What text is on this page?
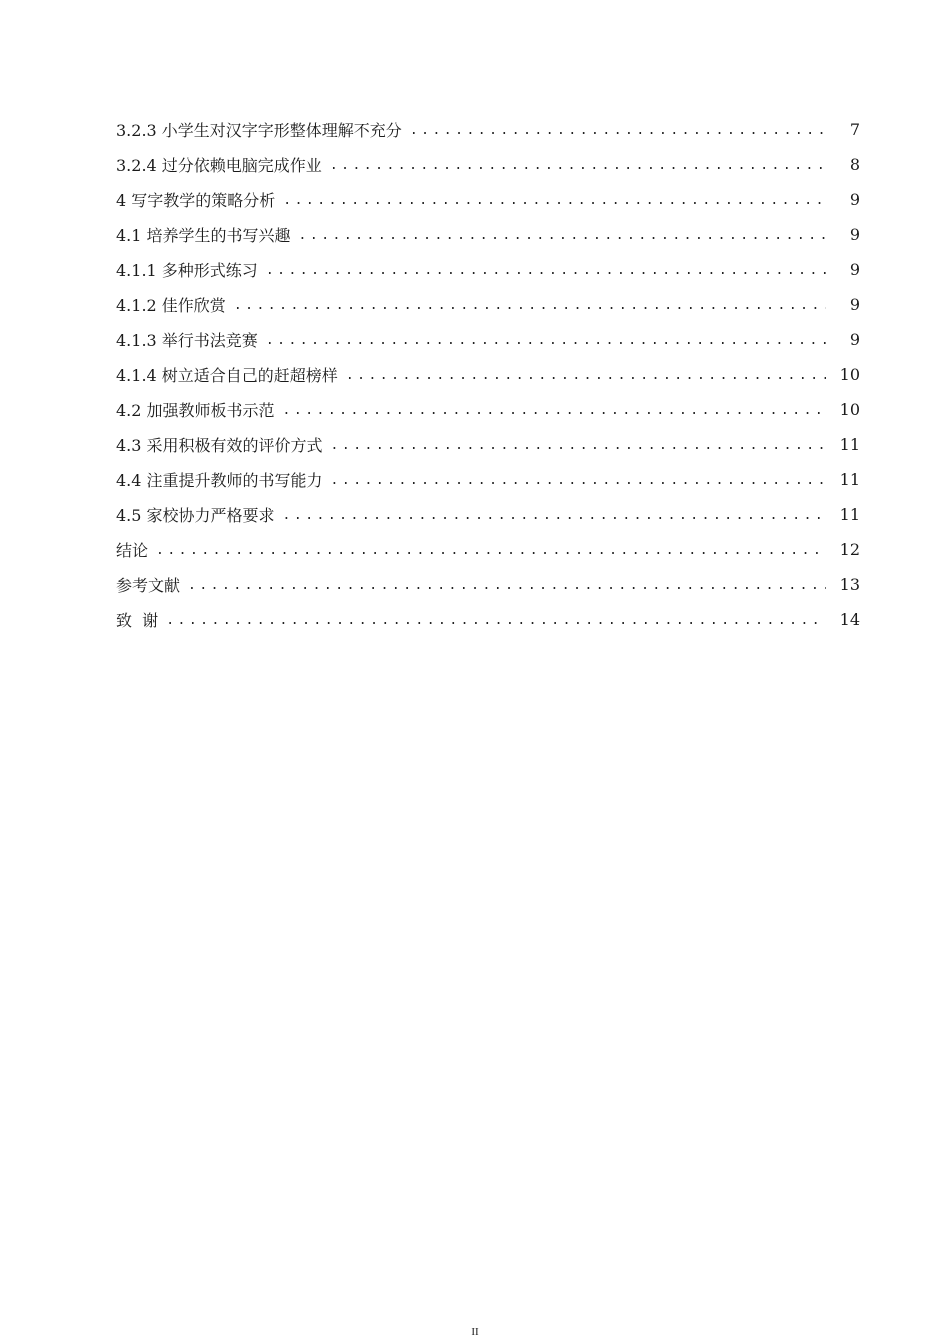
3.2.3 小学生对汉字字形整体理解不充分 .....	7
3.2.4 过分依赖电脑完成作业 .....	8
4 写字教学的策略分析 .....	9
4.1 培养学生的书写兴趣 .....	9
4.1.1 多种形式练习 .....	9
4.1.2 佳作欣赏 .....	9
4.1.3 举行书法竞赛 .....	9
4.1.4 树立适合自己的赶超榜样 .....	10
4.2 加强教师板书示范 .....	10
4.3 采用积极有效的评价方式 .....	11
4.4 注重提升教师的书写能力 .....	11
4.5 家校协力严格要求 .....	11
结论 .....	12
参考文献 .....	13
致  谢 .....	14
II
